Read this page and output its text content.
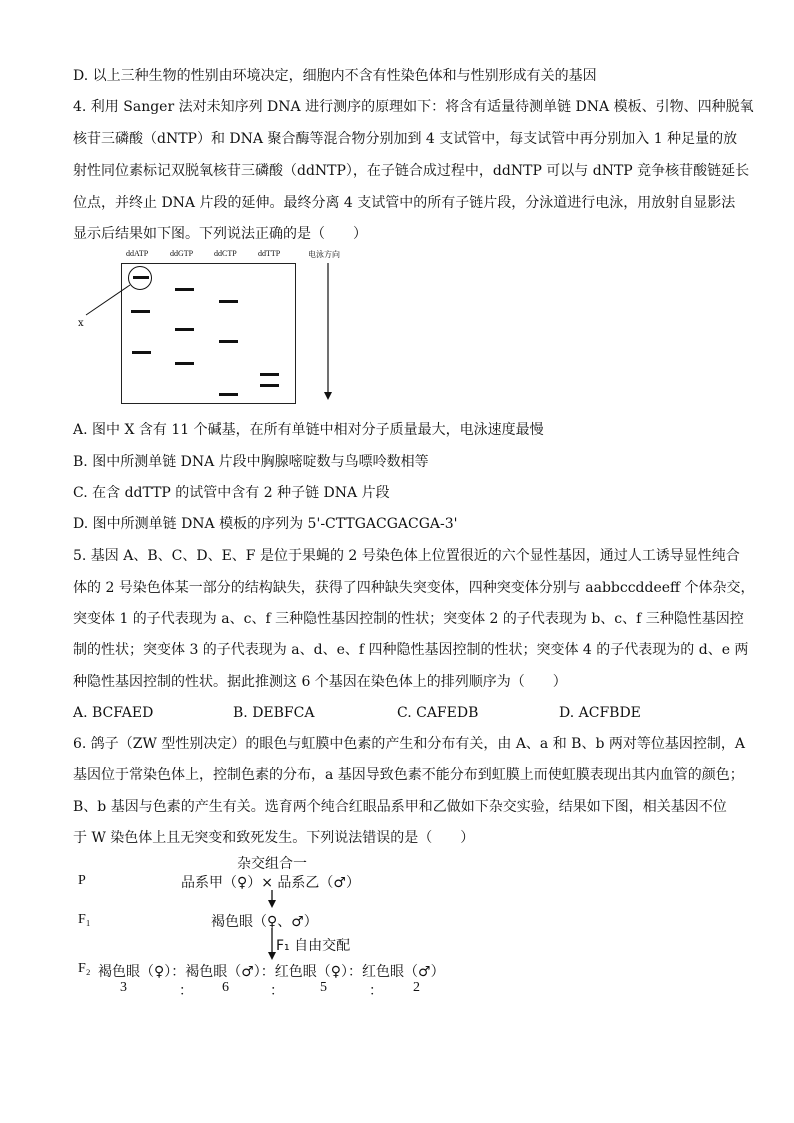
D. 以上三种生物的性别由环境决定，细胞内不含有性染色体和与性别形成有关的基因
4. 利用 Sanger 法对未知序列 DNA 进行测序的原理如下：将含有适量待测单链 DNA 模板、引物、四种脱氧
核苷三磷酸（dNTP）和 DNA 聚合酶等混合物分别加到 4 支试管中，每支试管中再分别加入 1 种足量的放
射性同位素标记双脱氧核苷三磷酸（ddNTP），在子链合成过程中，ddNTP 可以与 dNTP 竞争核苷酸链延长
位点，并终止 DNA 片段的延伸。最终分离 4 支试管中的所有子链片段，分泳道进行电泳，用放射自显影法
显示后结果如下图。下列说法正确的是（　　）
ddATP	ddGTP	ddCTP	ddTTP	电泳方向
x
A. 图中 X 含有 11 个碱基，在所有单链中相对分子质量最大，电泳速度最慢
B. 图中所测单链 DNA 片段中胸腺嘧啶数与鸟嘌呤数相等
C. 在含 ddTTP 的试管中含有 2 种子链 DNA 片段
D. 图中所测单链 DNA 模板的序列为 5'-CTTGACGACGA-3'
5. 基因 A、B、C、D、E、F 是位于果蝇的 2 号染色体上位置很近的六个显性基因，通过人工诱导显性纯合
体的 2 号染色体某一部分的结构缺失，获得了四种缺失突变体，四种突变体分别与 aabbccddeeff 个体杂交，
突变体 1 的子代表现为 a、c、f 三种隐性基因控制的性状；突变体 2 的子代表现为 b、c、f 三种隐性基因控
制的性状；突变体 3 的子代表现为 a、d、e、f 四种隐性基因控制的性状；突变体 4 的子代表现为的 d、e 两
种隐性基因控制的性状。据此推测这 6 个基因在染色体上的排列顺序为（　　）
A. BCFAED	B. DEBFCA	C. CAFEDB	D. ACFBDE
6. 鸽子（ZW 型性别决定）的眼色与虹膜中色素的产生和分布有关，由 A、a 和 B、b 两对等位基因控制，A
基因位于常染色体上，控制色素的分布，a 基因导致色素不能分布到虹膜上而使虹膜表现出其内血管的颜色；
B、b 基因与色素的产生有关。选育两个纯合红眼品系甲和乙做如下杂交实验，结果如下图，相关基因不位
于 W 染色体上且无突变和致死发生。下列说法错误的是（　　）
杂交组合一
P	品系甲（♀）× 品系乙（♂）
F₁	褐色眼（♀、♂）
F₁ 自由交配
F₂ 褐色眼（♀）：褐色眼（♂）：红色眼（♀）：红色眼（♂）
3	： 6	：	5	： 2
